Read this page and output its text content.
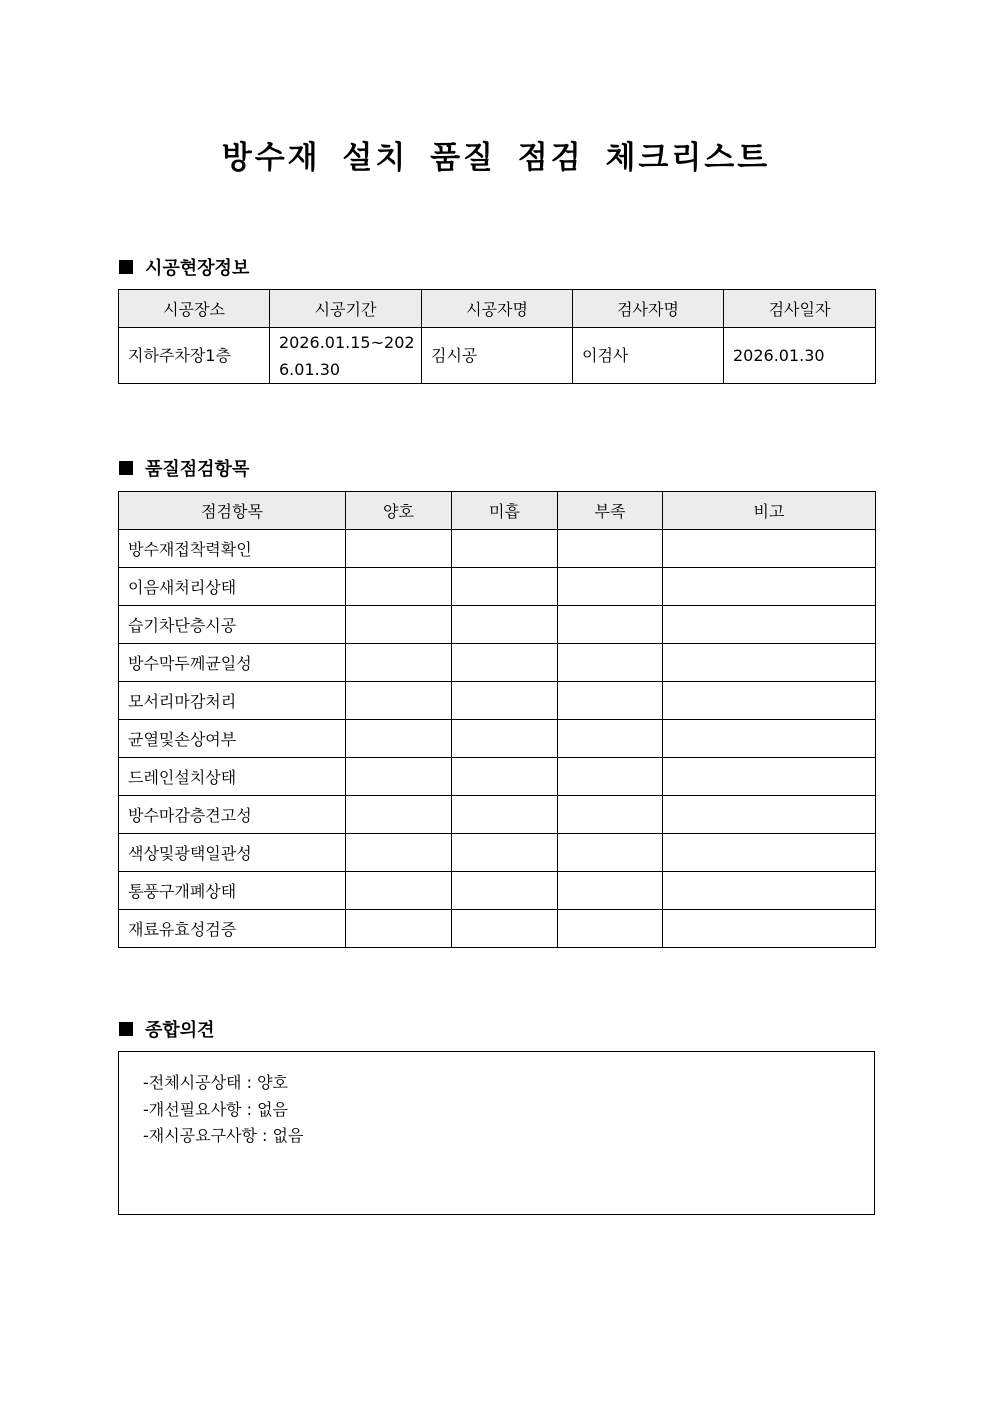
방수재 설치 품질 점검 체크리스트
시공현장정보
시공장소	시공기간	시공자명	검사자명	검사일자
지하주차장1층	2026.01.15~2026.01.30	김시공	이검사	2026.01.30
품질점검항목
점검항목	양호	미흡	부족	비고
방수재접착력확인				
이음새처리상태				
습기차단층시공				
방수막두께균일성				
모서리마감처리				
균열및손상여부				
드레인설치상태				
방수마감층견고성				
색상및광택일관성				
통풍구개폐상태				
재료유효성검증				
종합의견
-전체시공상태 : 양호
-개선필요사항 : 없음
-재시공요구사항 : 없음
